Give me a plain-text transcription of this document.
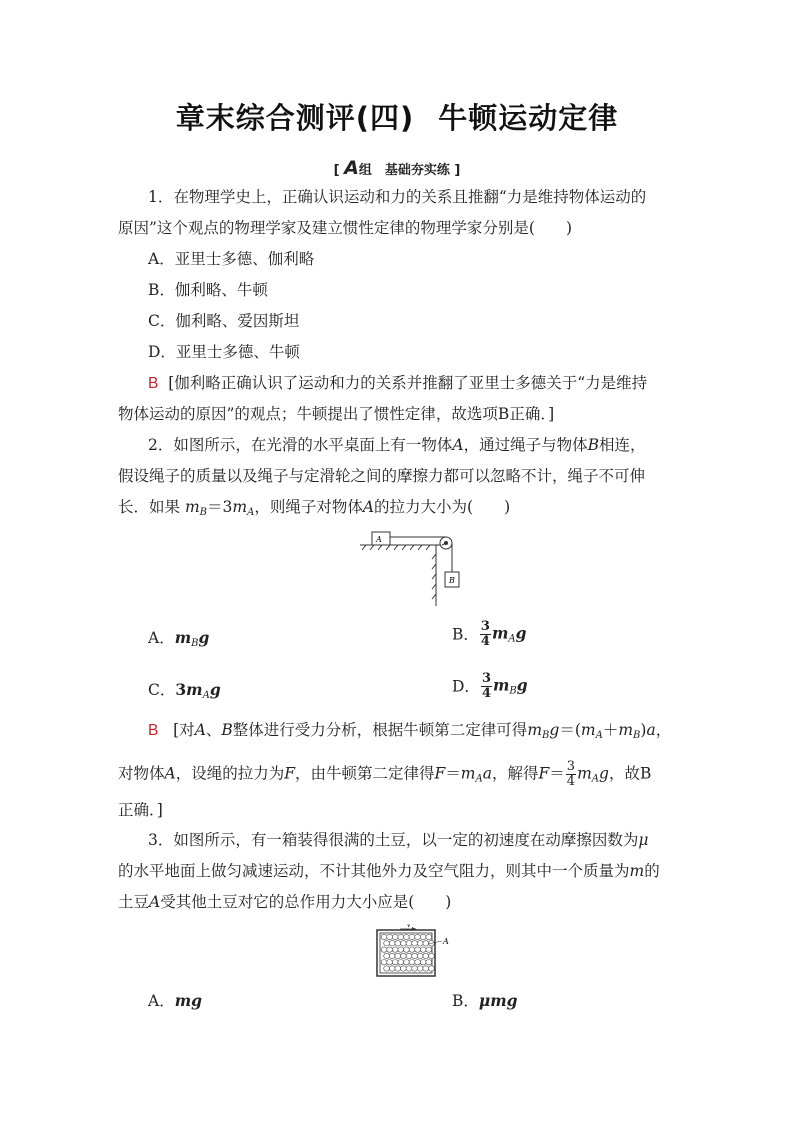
章末综合测评(四) 牛顿运动定律
[ A组　基础夯实练 ]
1．在物理学史上，正确认识运动和力的关系且推翻“力是维持物体运动的
原因”这个观点的物理学家及建立惯性定律的物理学家分别是(　　)
A．亚里士多德、伽利略
B．伽利略、牛顿
C．伽利略、爱因斯坦
D．亚里士多德、牛顿
B [伽利略正确认识了运动和力的关系并推翻了亚里士多德关于“力是维持
物体运动的原因”的观点；牛顿提出了惯性定律，故选项B正确．]
2．如图所示，在光滑的水平桌面上有一物体A，通过绳子与物体B相连，
假设绳子的质量以及绳子与定滑轮之间的摩擦力都可以忽略不计，绳子不可伸
长．如果 $m_B=3m_A$，则绳子对物体A的拉力大小为(　　)
A
B
A．$m_Bg$	B． $\frac{3}{4} m_Ag$
C．$3m_Ag$	D． $\frac{3}{4} m_Bg$
B [对A、B整体进行受力分析，根据牛顿第二定律可得$m_Bg=(m_A+m_B)a$，
对物体A，设绳的拉力为F，由牛顿第二定律得$F=m_Aa$，解得$F= \frac{3}{4} m_Ag$，故B
正确．]
3．如图所示，有一箱装得很满的土豆，以一定的初速度在动摩擦因数为μ
的水平地面上做匀减速运动，不计其他外力及空气阻力，则其中一个质量为m的
土豆A受其他土豆对它的总作用力大小应是(　　)
v
A
A．mg	B．μmg
